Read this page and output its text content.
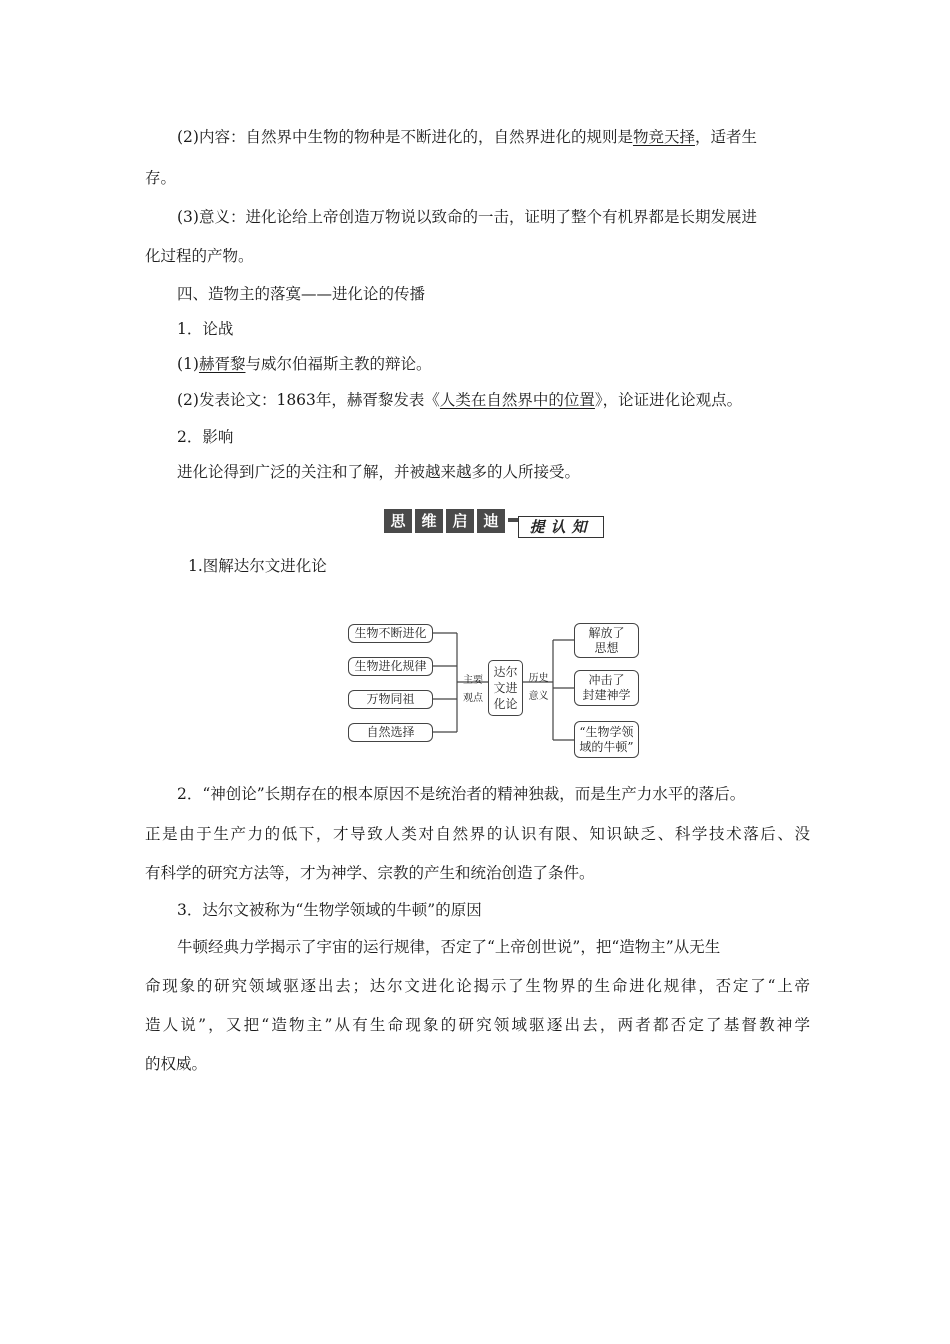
(2)内容：自然界中生物的物种是不断进化的，自然界进化的规则是物竞天择，适者生
存。
(3)意义：进化论给上帝创造万物说以致命的一击，证明了整个有机界都是长期发展进
化过程的产物。
四、造物主的落寞——进化论的传播
1．论战
(1)赫胥黎与威尔伯福斯主教的辩论。
(2)发表论文：1863年，赫胥黎发表《人类在自然界中的位置》，论证进化论观点。
2．影响
进化论得到广泛的关注和了解，并被越来越多的人所接受。
思	维	启	迪	提认知
1.图解达尔文进化论
生物不断进化
生物进化规律
万物同祖
自然选择
主要
观点
达尔
文进
化论
历史
意义
解放了
思想
冲击了
封建神学
“生物学领
域的牛顿”
2．“神创论”长期存在的根本原因不是统治者的精神独裁，而是生产力水平的落后。
正是由于生产力的低下，才导致人类对自然界的认识有限、知识缺乏、科学技术落后、没
有科学的研究方法等，才为神学、宗教的产生和统治创造了条件。
3．达尔文被称为“生物学领域的牛顿”的原因
牛顿经典力学揭示了宇宙的运行规律，否定了“上帝创世说”，把“造物主”从无生
命现象的研究领域驱逐出去；达尔文进化论揭示了生物界的生命进化规律，否定了“上帝
造人说”，又把“造物主”从有生命现象的研究领域驱逐出去，两者都否定了基督教神学
的权威。
